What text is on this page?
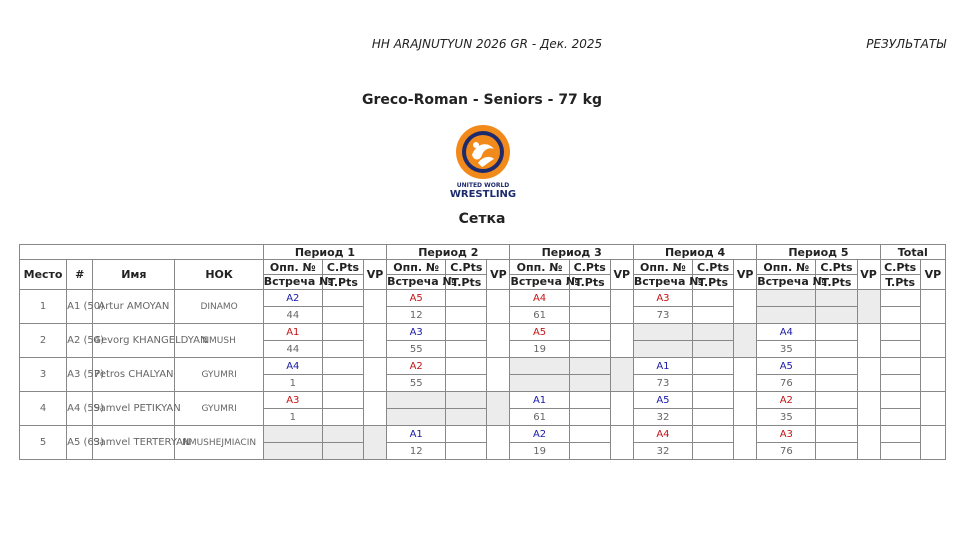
HH ARAJNUTYUN 2026 GR - Дек. 2025	РЕЗУЛЬТАТЫ
Greco-Roman - Seniors - 77 kg
UNITED WORLD
WRESTLING
Сетка
				Период 1			Период 2			Период 3			Период 4			Период 5			Total	
Место	#	Имя	НОК	Опп. №	C.Pts	VP	Опп. №	C.Pts	VP	Опп. №	C.Pts	VP	Опп. №	C.Pts	VP	Опп. №	C.Pts	VP	C.Pts	VP
				Встреча №	T.Pts		Встреча №	T.Pts		Встреча №	T.Pts		Встреча №	T.Pts		Встреча №	T.Pts		T.Pts	
1	A1 (50)	Artur AMOYAN	DINAMO	A2			A5			A4			A3							
				44			12			61			73							
2	A2 (54)	Gevorg KHANGELDYAN	NMUSH	A1			A3			A5						A4				
				44			55			19						35				
3	A3 (57)	Petros CHALYAN	GYUMRI	A4			A2						A1			A5				
				1			55						73			76				
4	A4 (59)	Samvel PETIKYAN	GYUMRI	A3						A1			A5			A2				
				1						61			32			35				
5	A5 (63)	Samvel TERTERYAN	NMUSHEJMIACIN				A1			A2			A4			A3				
							12			19			32			76				
